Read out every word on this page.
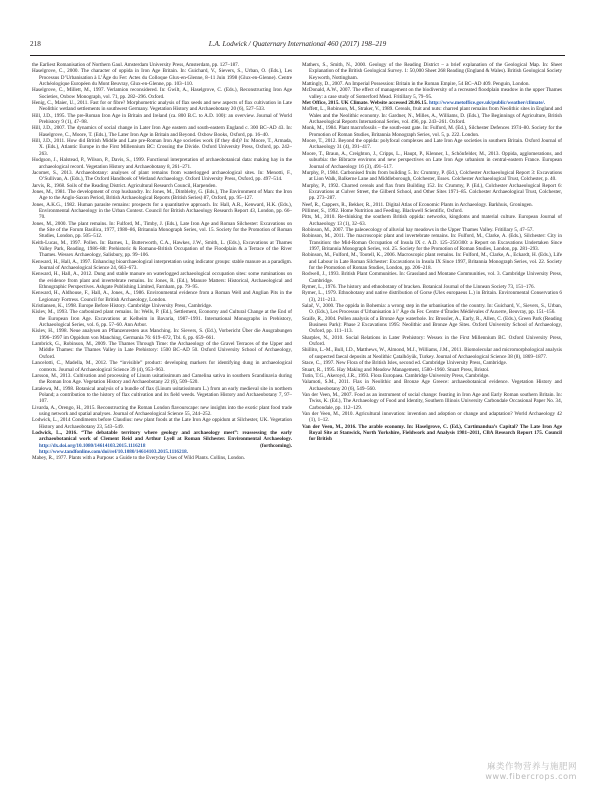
218	L.A. Lodwick / Quaternary International 460 (2017) 198–219
the Earliest Romanisation of Northern Gaul. Amsterdam University Press, Amsterdam, pp. 127–187.
Haselgrove, C., 2000. The character of oppida in Iron Age Britain. In: Guichard, V., Sievers, S., Urban, O. (Eds.), Les Processus D’Urbanisation à L’Âge du Fer: Actes du Colloque Glux-en-Glenne, 8–11 Juin 1998 (Glux-en-Glenne). Centre Archéologique Européen du Mont Beuvray, Glux-en-Glenne, pp. 103–110.
Haselgrove, C., Millett, M., 1997. Verlamion reconsidered. In: Gwilt, A., Haselgrove, C. (Eds.), Reconstructing Iron Age Societies, Oxbow Monograph, vol. 71, pp. 282–296. Oxford.
Henig, C., Maier, U., 2011. Fast for or fibre? Morphometric analysis of flax seeds and new aspects of flax cultivation in Late Neolithic wetland settlements in southwest Germany. Vegetation History and Archaeobotany 20 (6), 527–533.
Hill, J.D., 1995. The pre-Roman Iron Age in Britain and Ireland (ca. 800 B.C. to A.D. 100): an overview. Journal of World Prehistory 9 (1), 47–98.
Hill, J.D., 2007. The dynamics of social change in Later Iron Age eastern and south-eastern England c. 300 BC–AD 43. In: Haselgrove, C., Moore, T. (Eds.), The Later Iron Age in Britain and Beyond. Oxbow Books, Oxford, pp. 16–40.
Hill, J.D., 2011. How did British Middle and Late pre-Roman Iron Age societies work (if they did)? In: Moore, T., Armada, X. (Eds.), Atlantic Europe in the First Millennium BC: Crossing the Divide. Oxford University Press, Oxford, pp. 242–263.
Hodgson, J., Halstead, P., Wilson, P., Davis, S., 1999. Functional interpretation of archaeobotanical data: making hay in the archaeological record. Vegetation History and Archaeobotany 8, 261–271.
Jacomet, S., 2013. Archaeobotany: analyses of plant remains from waterlogged archaeological sites. In: Menotti, F., O’Sullivan, A. (Eds.), The Oxford Handbook of Wetland Archaeology. Oxford University Press, Oxford, pp. 497–514.
Jarvis, R., 1968. Soils of the Reading District. Agricultural Research Council, Harpenden.
Jones, M., 1981. The development of crop husbandry. In: Jones, M., Dimbleby, G. (Eds.), The Environment of Man: the Iron Age to the Anglo-Saxon Period, British Archaeological Reports (British Series) 87, Oxford, pp. 95–127.
Jones, A.K.G., 1982. Human parasite remains: prospects for a quantitative approach. In: Hall, A.R., Kenward, H.K. (Eds.), Environmental Archaeology in the Urban Context. Council for British Archaeology Research Report 43, London, pp. 66–70.
Jones, M., 2000. The plant remains. In: Fulford, M., Timby, J. (Eds.), Late Iron Age and Roman Silchester: Excavations on the Site of the Forum Basilica, 1977, 1980–86, Britannia Monograph Series, vol. 15. Society for the Promotion of Roman Studies, London, pp. 505–512.
Keith-Lucas, M., 1997. Pollen. In: Barnes, I., Butterworth, C.A., Hawkes, J.W., Smith, L. (Eds.), Excavations at Thames Valley Park, Reading, 1986–88: Prehistoric & Romano-British Occupation of the Floodplain & a Terrace of the River Thames. Wessex Archaeology, Salisbury, pp. 99–106.
Kenward, H., Hall, A., 1997. Enhancing bioarchaeological interpretation using indicator groups: stable manure as a paradigm. Journal of Archaeological Science 24, 663–673.
Kenward, H., Hall, A., 2012. Dung and stable manure on waterlogged archaeological occupation sites: some ruminations on the evidence from plant and invertebrate remains. In: Jones, R. (Ed.), Manure Matters: Historical, Archaeological and Ethnographic Perspectives. Ashgate Publishing Limited, Farnham, pp. 79–95.
Kenward, H., Aldhouse, F., Hall, A., Jones, A., 1986. Environmental evidence from a Roman Well and Anglian Pits in the Legionary Fortress. Council for British Archaeology, London.
Kristiansen, K., 1998. Europe Before History. Cambridge University Press, Cambridge.
Kislev, M., 1993. The carbonized plant remains. In: Wells, P. (Ed.), Settlement, Economy and Cultural Change at the End of the European Iron Age. Excavations at Kelheim in Bavaria, 1987–1991. International Monographs in Prehistory, Archaeological Series, vol. 6, pp. 57–60. Ann Arbor.
Kislev, H., 1998. Neue analysen an Pflanzenresten aus Manching. In: Sievers, S. (Ed.), Vorbericht Über die Ausgrabungen 1996–1997 im Oppidum von Manching, Germania 76: 619–672, Tbl. 6, pp. 659–661.
Lambrick, G., Robinson, M., 2009. The Thames Through Time: the Archaeology of the Gravel Terraces of the Upper and Middle Thames: the Thames Valley in Late Prehistory: 1500 BC–AD 50. Oxford University School of Archaeology, Oxford.
Lancelotti, C., Madella, M., 2012. The “invisible” product: developing markers for identifying dung in archaeological contexts. Journal of Archaeological Science 39 (4), 953–963.
Larsson, M., 2013. Cultivation and processing of Linum usitatissimum and Camelina sativa in southern Scandinavia during the Roman Iron Age. Vegetation History and Archaeobotany 22 (6), 509–520.
Latałowa, M., 1998. Botanical analysis of a bundle of flax (Linum usitatissimum L.) from an early medieval site in northern Poland; a contribution to the history of flax cultivation and its field weeds. Vegetation History and Archaeobotany 7, 97–107.
Livarda, A., Orengo, H., 2015. Reconstructing the Roman London flavourscape: new insights into the exotic plant food trade using network and spatial analyses. Journal of Archaeological Science 55, 244–252.
Lodwick, L., 2014 Condiments before Claudius: new plant foods at the Late Iron Age oppidum at Silchester, UK. Vegetation History and Archaeobotany 23, 543–549.
Lodwick, L., 2016. “The debatable territory where geology and archaeology meet”: reassessing the early archaeobotanical work of Clement Reid and Arthur Lyell at Roman Silchester. Environmental Archaeology. http://dx.doi.org/10.1080/14614103.2015.1116218	(forthcoming). http://www.tandfonline.com/doi/ref/10.1080/14614103.2015.1116218.
Mabey, R., 1977. Plants with a Purpose: a Guide to the Everyday Uses of Wild Plants. Collins, London.
Mathers, S., Smith, N., 2000. Geology of the Reading District – a brief explanation of the Geological Map. In: Sheet Explanation of the British Geological Survey. 1: 50,000 Sheet 268 Reading (England & Wales). British Geological Society Keyworth, Nottingham.
Mattingly, D., 2007. An Imperial Possession: Britain in the Roman Empire, 54 BC–AD 409. Penguin, London.
McDonald, A.W., 2007. The effect of management on the biodiversity of a recreated floodplain meadow in the upper Thames valley: a case study of Somerford Mead. Fritillary 5, 79–95.
Met Office, 2015. UK Climate. Website accessed 28.06.15. http://www.metoffice.gov.uk/public/weather/climate/.
Moffett, L., Robinson, M., Straker, V., 1989. Cereals, fruit and nuts: charred plant remains from Neolithic sites in England and Wales and the Neolithic economy. In: Gardner, N., Milles, A., Williams, D. (Eds.), The Beginnings of Agriculture, British Archaeological Reports International Series, vol. 496, pp. 243–261. Oxford.
Monk, M., 1984. Plant macrofossils – the south-east gate. In: Fulford, M. (Ed.), Silchester Defences 1974–80. Society for the Promotion of Roman Studies, Britannia Monograph Series, vol. 5, p. 222. London.
Moore, T., 2012. Beyond the oppida: polyfocal complexes and Late Iron Age societies in southern Britain. Oxford Journal of Archaeology 31 (4), 391–417.
Moore, T., Braun, A., Creighton, J., Cripps, L., Haupt, P., Klenner, I., Schönfelder, M., 2013. Oppida, agglomerations, and suburbia: the Bibracte environs and new perspectives on Late Iron Age urbanism in central-eastern France. European Journal of Archaeology 16 (3), 491–517.
Murphy, P., 1984. Carbonised fruits from building 5. In: Crummy, P. (Ed.), Colchester Archaeological Report 3: Excavations at Lion Walk, Balkerne Lane and Middleborough, Colchester, Essex. Colchester Archaeological Trust, Colchester, p. 40.
Murphy, P., 1992. Charred cereals and flax from Building 152. In: Crummy, P. (Ed.), Colchester Archaeological Report 6: Excavations at Culver Street, the Gilberd School, and Other Sites 1971–85. Colchester Archaeological Trust, Colchester, pp. 273–287.
Neef, R., Cappers, R., Bekker, R., 2011. Digital Atlas of Economic Plants in Archaeology. Barkhuis, Groningen.
Pillimer, S., 1992. Home Nutrition and Feeding. Blackwell Scientific, Oxford.
Pitts, M., 2010. Re-thinking the southern British oppida: networks, kingdoms and material culture. European Journal of Archaeology 13 (1), 32–63.
Robinson, M., 2007. The paleoecology of alluvial hay meadows in the Upper Thames Valley. Fritillary 5, 47–57.
Robinson, M., 2011. The macroscopic plant and invertebrate remains. In: Fulford, M., Clarke, A. (Eds.), Silchester: City in Transition: the Mid-Roman Occupation of Insula IX c. A.D. 125–250/300: a Report on Excavations Undertaken Since 1997, Britannia Monograph Series, vol. 25. Society for the Promotion of Roman Studies, London, pp. 281–293.
Robinson, M., Fulford, M., Tootell, K., 2006. Macroscopic plant remains. In: Fulford, M., Clarke, A., Eckardt, H. (Eds.), Life and Labour in Late Roman Silchester: Excavations in Insula IX Since 1997, Britannia Monograph Series, vol. 22. Society for the Promotion of Roman Studies, London, pp. 206–218.
Rodwell, J., 1993. British Plant Communities. In: Grassland and Montane Communities, vol. 3. Cambridge University Press, Cambridge.
Rymer, L., 1976. The history and ethnobotany of bracken. Botanical Journal of the Linnean Society 73, 151–176.
Rymer, L., 1979. Ethnobotany and native distribution of Gorse (Ulex europaeus L.) in Britain. Environmental Conservation 6 (3), 211–213.
Salač, V., 2000. The oppida in Bohemia: a wrong step in the urbanisation of the country. In: Guichard, V., Sievers, S., Urban, O. (Eds.), Les Processus d’Urbanisation à l’ Âge du Fer. Centre d’Études Médiévales d’Auxerre, Beuvray, pp. 151–156.
Scaife, R., 2004. Pollen analysis of a Bronze Age waterhole. In: Brossler, A., Early, R., Allen, C. (Eds.), Green Park (Reading Business Park): Phase 2 Excavations 1995: Neolithic and Bronze Age Sites. Oxford University School of Archaeology, Oxford, pp. 111–113.
Sharples, N., 2010. Social Relations in Later Prehistory: Wessex in the First Millennium BC. Oxford University Press, Oxford.
Shillito, L.-M., Bull, I.D., Matthews, W., Almond, M.J., Williams, J.M., 2011. Biomolecular and micromorphological analysis of suspected faecal deposits at Neolithic Çatalhöyük, Turkey. Journal of Archaeological Science 38 (8), 1869–1877.
Stace, C., 1997. New Flora of the British Isles, second ed. Cambridge University Press, Cambridge.
Stuart, R., 1995. Hay Making and Meadow Management, 1580–1960. Stuart Press, Bristol.
Tutin, T.G., Akeroyd, J.R., 1993. Flora Europaea. Cambridge University Press, Cambridge.
Valamoti, S.M., 2011. Flax in Neolithic and Bronze Age Greece: archaeobotanical evidence. Vegetation History and Archaeobotany 20 (6), 549–560.
Van der Veen, M., 2007. Food as an instrument of social change: feasting in Iron Age and Early Roman southern Britain. In: Twiss, K. (Ed.), The Archaeology of Food and Identity, Southern Illinois University Carbondale Occasional Paper No. 34, Carbondale, pp. 112–129.
Van der Veen, M., 2010. Agricultural innovation: invention and adoption or change and adaptation? World Archaeology 42 (1), 1–12.
Van der Veen, M., 2016. The arable economy. In: Haselgrove, C. (Ed.), Cartimandua’s Capital? The Late Iron Age Royal Site at Stanwick, North Yorkshire, Fieldwork and Analysis 1981–2011, CBA Research Report 175. Council for British
麻类作物营养与施肥网
www.fibercrops.com
